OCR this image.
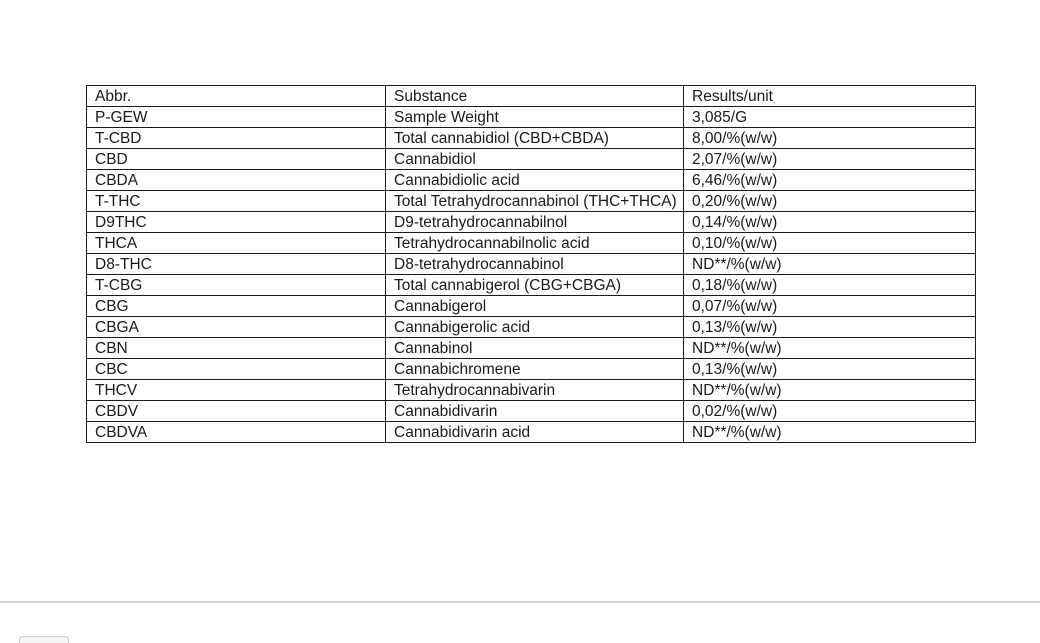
Abbr.	Substance	Results/unit
P-GEW	Sample Weight	3,085/G
T-CBD	Total cannabidiol (CBD+CBDA)	8,00/%(w/w)
CBD	Cannabidiol	2,07/%(w/w)
CBDA	Cannabidiolic acid	6,46/%(w/w)
T-THC	Total Tetrahydrocannabinol (THC+THCA)	0,20/%(w/w)
D9THC	D9-tetrahydrocannabilnol	0,14/%(w/w)
THCA	Tetrahydrocannabilnolic acid	0,10/%(w/w)
D8-THC	D8-tetrahydrocannabinol	ND**/%(w/w)
T-CBG	Total cannabigerol (CBG+CBGA)	0,18/%(w/w)
CBG	Cannabigerol	0,07/%(w/w)
CBGA	Cannabigerolic acid	0,13/%(w/w)
CBN	Cannabinol	ND**/%(w/w)
CBC	Cannabichromene	0,13/%(w/w)
THCV	Tetrahydrocannabivarin	ND**/%(w/w)
CBDV	Cannabidivarin	0,02/%(w/w)
CBDVA	Cannabidivarin acid	ND**/%(w/w)
